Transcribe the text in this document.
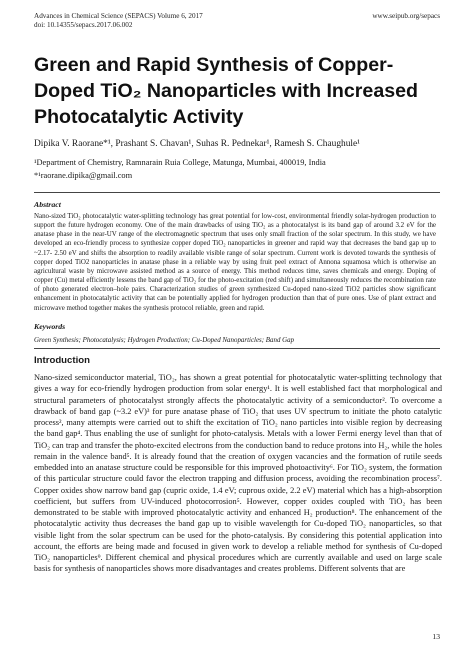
Advances in Chemical Science (SEPACS) Volume 6, 2017	www.seipub.org/sepacs
doi: 10.14355/sepacs.2017.06.002
Green and Rapid Synthesis of Copper-Doped TiO₂ Nanoparticles with Increased Photocatalytic Activity
Dipika V. Raorane*¹, Prashant S. Chavan¹, Suhas R. Pednekar¹, Ramesh S. Chaughule¹
¹Department of Chemistry, Ramnarain Ruia College, Matunga, Mumbai, 400019, India
*¹raorane.dipika@gmail.com
Abstract
Nano-sized TiO₂ photocatalytic water-splitting technology has great potential for low-cost, environmental friendly solar-hydrogen production to support the future hydrogen economy. One of the main drawbacks of using TiO₂ as a photocatalyst is its band gap of around 3.2 eV for the anatase phase in the near-UV range of the electromagnetic spectrum that uses only small fraction of the solar spectrum. In this study, we have developed an eco-friendly process to synthesize copper doped TiO₂ nanoparticles in greener and rapid way that decreases the band gap up to ~2.17- 2.50 eV and shifts the absorption to readily available visible range of solar spectrum. Current work is devoted towards the synthesis of copper doped TiO2 nanoparticles in anatase phase in a reliable way by using fruit peel extract of Annona squamosa which is otherwise an agricultural waste by microwave assisted method as a source of energy. This method reduces time, saves chemicals and energy. Doping of copper (Cu) metal efficiently lessens the band gap of TiO₂ for the photo-excitation (red shift) and simultaneously reduces the recombination rate of photo generated electron–hole pairs. Characterization studies of green synthesized Cu-doped nano-sized TiO2 particles show significant enhancement in photocatalytic activity that can be potentially applied for hydrogen production than that of pure ones. Use of plant extract and microwave method together makes the synthesis protocol reliable, green and rapid.
Keywords
Green Synthesis; Photocatalysis; Hydrogen Production; Cu-Doped Nanoparticles; Band Gap
Introduction
Nano-sized semiconductor material, TiO₂, has shown a great potential for photocatalytic water-splitting technology that gives a way for eco-friendly hydrogen production from solar energy¹. It is well established fact that morphological and structural parameters of photocatalyst strongly affects the photocatalytic activity of a semiconductor². To overcome a drawback of band gap (~3.2 eV)³ for pure anatase phase of TiO₂ that uses UV spectrum to initiate the photo catalytic process², many attempts were carried out to shift the excitation of TiO₂ nano particles into visible region by decreasing the band gap⁴. Thus enabling the use of sunlight for photo-catalysis. Metals with a lower Fermi energy level than that of TiO₂ can trap and transfer the photo-excited electrons from the conduction band to reduce protons into H₂, while the holes remain in the valence band⁵. It is already found that the creation of oxygen vacancies and the formation of rutile seeds embedded into an anatase structure could be responsible for this improved photoactivity⁶. For TiO₂ system, the formation of this particular structure could favor the electron trapping and diffusion process, avoiding the recombination process⁷. Copper oxides show narrow band gap (cupric oxide, 1.4 eV; cuprous oxide, 2.2 eV) material which has a high-absorption coefficient, but suffers from UV-induced photocorrosion⁵. However, copper oxides coupled with TiO₂ has been demonstrated to be stable with improved photocatalytic activity and enhanced H₂ production⁸. The enhancement of the photocatalytic activity thus decreases the band gap up to visible wavelength for Cu-doped TiO₂ nanoparticles, so that visible light from the solar spectrum can be used for the photo-catalysis. By considering this potential application into account, the efforts are being made and focused in given work to develop a reliable method for synthesis of Cu-doped TiO₂ nanoparticles⁹. Different chemical and physical procedures which are currently available and used on large scale basis for synthesis of nanoparticles shows more disadvantages and creates problems. Different solvents that are
13
